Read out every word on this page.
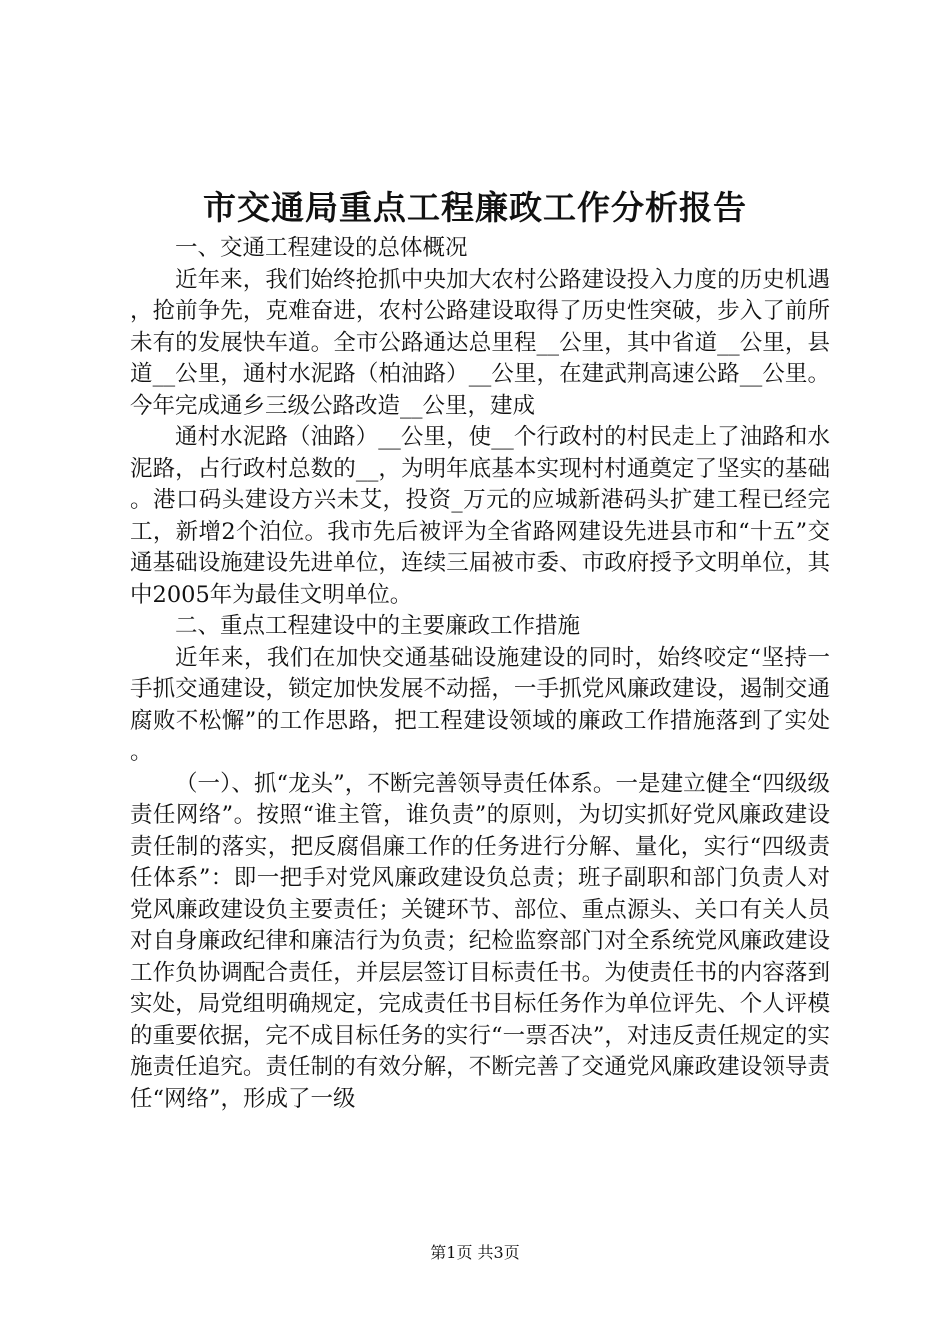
市交通局重点工程廉政工作分析报告

一、交通工程建设的总体概况

近年来，我们始终抢抓中央加大农村公路建设投入力度的历史机遇，抢前争先，克难奋进，农村公路建设取得了历史性突破，步入了前所未有的发展快车道。全市公路通达总里程__公里，其中省道__公里，县道__公里，通村水泥路（柏油路）__公里，在建武荆高速公路__公里。今年完成通乡三级公路改造__公里，建成

通村水泥路（油路）__公里，使__个行政村的村民走上了油路和水泥路，占行政村总数的__，为明年底基本实现村村通奠定了坚实的基础。港口码头建设方兴未艾，投资_万元的应城新港码头扩建工程已经完工，新增2个泊位。我市先后被评为全省路网建设先进县市和“十五”交通基础设施建设先进单位，连续三届被市委、市政府授予文明单位，其中2005年为最佳文明单位。

二、重点工程建设中的主要廉政工作措施

近年来，我们在加快交通基础设施建设的同时，始终咬定“坚持一手抓交通建设，锁定加快发展不动摇，一手抓党风廉政建设，遏制交通腐败不松懈”的工作思路，把工程建设领域的廉政工作措施落到了实处。

（一）、抓“龙头”，不断完善领导责任体系。一是建立健全“四级级责任网络”。按照“谁主管，谁负责”的原则，为切实抓好党风廉政建设责任制的落实，把反腐倡廉工作的任务进行分解、量化，实行“四级责任体系”：即一把手对党风廉政建设负总责；班子副职和部门负责人对党风廉政建设负主要责任；关键环节、部位、重点源头、关口有关人员对自身廉政纪律和廉洁行为负责；纪检监察部门对全系统党风廉政建设工作负协调配合责任，并层层签订目标责任书。为使责任书的内容落到实处，局党组明确规定，完成责任书目标任务作为单位评先、个人评模的重要依据，完不成目标任务的实行“一票否决”，对违反责任规定的实施责任追究。责任制的有效分解，不断完善了交通党风廉政建设领导责任“网络”，形成了一级

第1页 共3页
